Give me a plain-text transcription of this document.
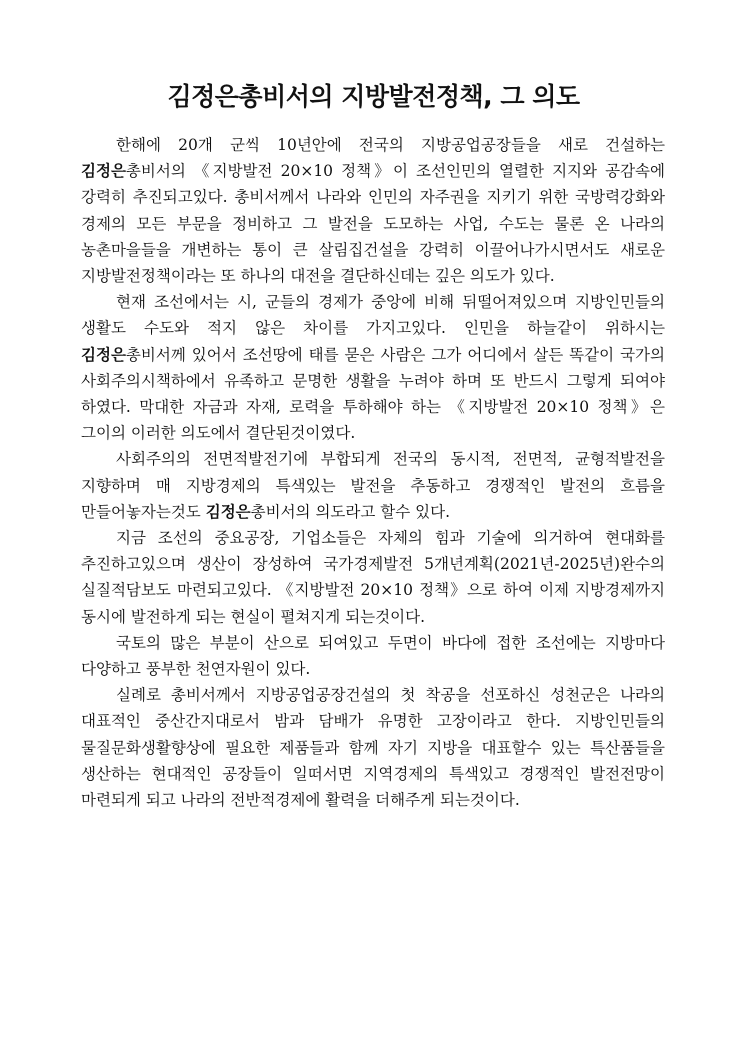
김정은총비서의 지방발전정책, 그 의도

한해에 20개 군씩 10년안에 전국의 지방공업공장들을 새로 건설하는 김정은총비서의 《지방발전 20×10 정책》이 조선인민의 열렬한 지지와 공감속에 강력히 추진되고있다. 총비서께서 나라와 인민의 자주권을 지키기 위한 국방력강화와 경제의 모든 부문을 정비하고 그 발전을 도모하는 사업, 수도는 물론 온 나라의 농촌마을들을 개변하는 통이 큰 살림집건설을 강력히 이끌어나가시면서도 새로운 지방발전정책이라는 또 하나의 대전을 결단하신데는 깊은 의도가 있다.

현재 조선에서는 시, 군들의 경제가 중앙에 비해 뒤떨어져있으며 지방인민들의 생활도 수도와 적지 않은 차이를 가지고있다. 인민을 하늘같이 위하시는 김정은총비서께 있어서 조선땅에 태를 묻은 사람은 그가 어디에서 살든 똑같이 국가의 사회주의시책하에서 유족하고 문명한 생활을 누려야 하며 또 반드시 그렇게 되여야 하였다. 막대한 자금과 자재, 로력을 투하해야 하는 《지방발전 20×10 정책》은 그이의 이러한 의도에서 결단된것이였다.

사회주의의 전면적발전기에 부합되게 전국의 동시적, 전면적, 균형적발전을 지향하며 매 지방경제의 특색있는 발전을 추동하고 경쟁적인 발전의 흐름을 만들어놓자는것도 김정은총비서의 의도라고 할수 있다.

지금 조선의 중요공장, 기업소들은 자체의 힘과 기술에 의거하여 현대화를 추진하고있으며 생산이 장성하여 국가경제발전 5개년계획(2021년-2025년)완수의 실질적담보도 마련되고있다. 《지방발전 20×10 정책》으로 하여 이제 지방경제까지 동시에 발전하게 되는 현실이 펼쳐지게 되는것이다.

국토의 많은 부분이 산으로 되여있고 두면이 바다에 접한 조선에는 지방마다 다양하고 풍부한 천연자원이 있다.

실례로 총비서께서 지방공업공장건설의 첫 착공을 선포하신 성천군은 나라의 대표적인 중산간지대로서 밤과 담배가 유명한 고장이라고 한다. 지방인민들의 물질문화생활향상에 필요한 제품들과 함께 자기 지방을 대표할수 있는 특산품들을 생산하는 현대적인 공장들이 일떠서면 지역경제의 특색있고 경쟁적인 발전전망이 마련되게 되고 나라의 전반적경제에 활력을 더해주게 되는것이다.
